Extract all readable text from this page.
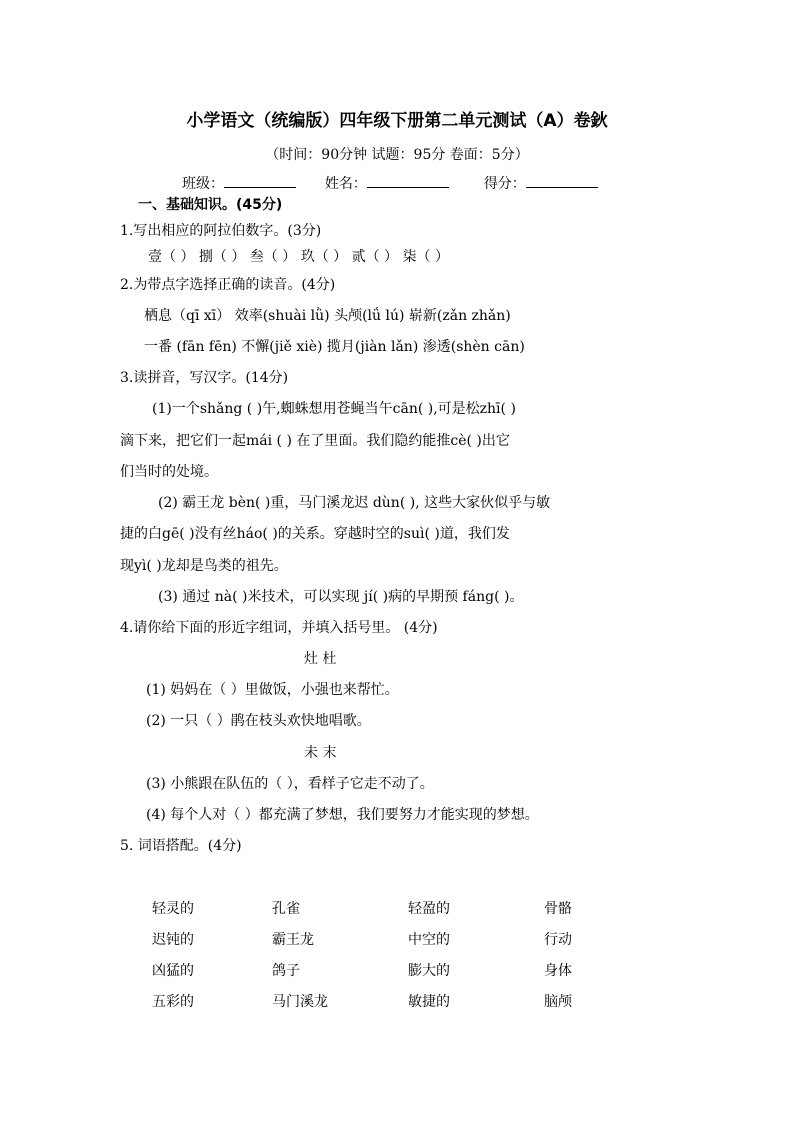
小学语文（统编版）四年级下册第二单元测试（A）卷鈥
（时间：90分钟 试题：95分 卷面：5分）
班级：	姓名：	得分：
一、基础知识。(45分)
1.写出相应的阿拉伯数字。(3分)
壹（ ） 捌（ ） 叁（ ） 玖（ ） 贰（ ） 柒（ ）
2.为带点字选择正确的读音。(4分)
栖息（qī xī） 效率(shuài lǜ) 头颅(lǘ lú) 崭新(zǎn zhǎn)
一番 (fān fēn) 不懈(jiě xiè) 揽月(jiàn lǎn) 渗透(shèn cān)
3.读拼音，写汉字。(14分)
(1)一个shǎng ( )午,蜘蛛想用苍蝇当午cān( ),可是松zhī( )
滴下来，把它们一起mái ( ) 在了里面。我们隐约能推cè( )出它
们当时的处境。
(2) 霸王龙 bèn( )重，马门溪龙迟 dùn( ), 这些大家伙似乎与敏
捷的白gē( )没有丝háo( )的关系。穿越时空的suì( )道，我们发
现yì( )龙却是鸟类的祖先。
(3) 通过 nà( )米技术，可以实现 jí( )病的早期预 fáng( )。
4.请你给下面的形近字组词，并填入括号里。 (4分)
灶 杜
(1) 妈妈在（ ）里做饭，小强也来帮忙。
(2) 一只（ ）鹃在枝头欢快地唱歌。
未 末
(3) 小熊跟在队伍的（ ），看样子它走不动了。
(4) 每个人对（ ）都充满了梦想，我们要努力才能实现的梦想。
5. 词语搭配。(4分)
轻灵的
迟钝的
凶猛的
五彩的
孔雀
霸王龙
鸽子
马门溪龙
轻盈的
中空的
膨大的
敏捷的
骨骼
行动
身体
脑颅
